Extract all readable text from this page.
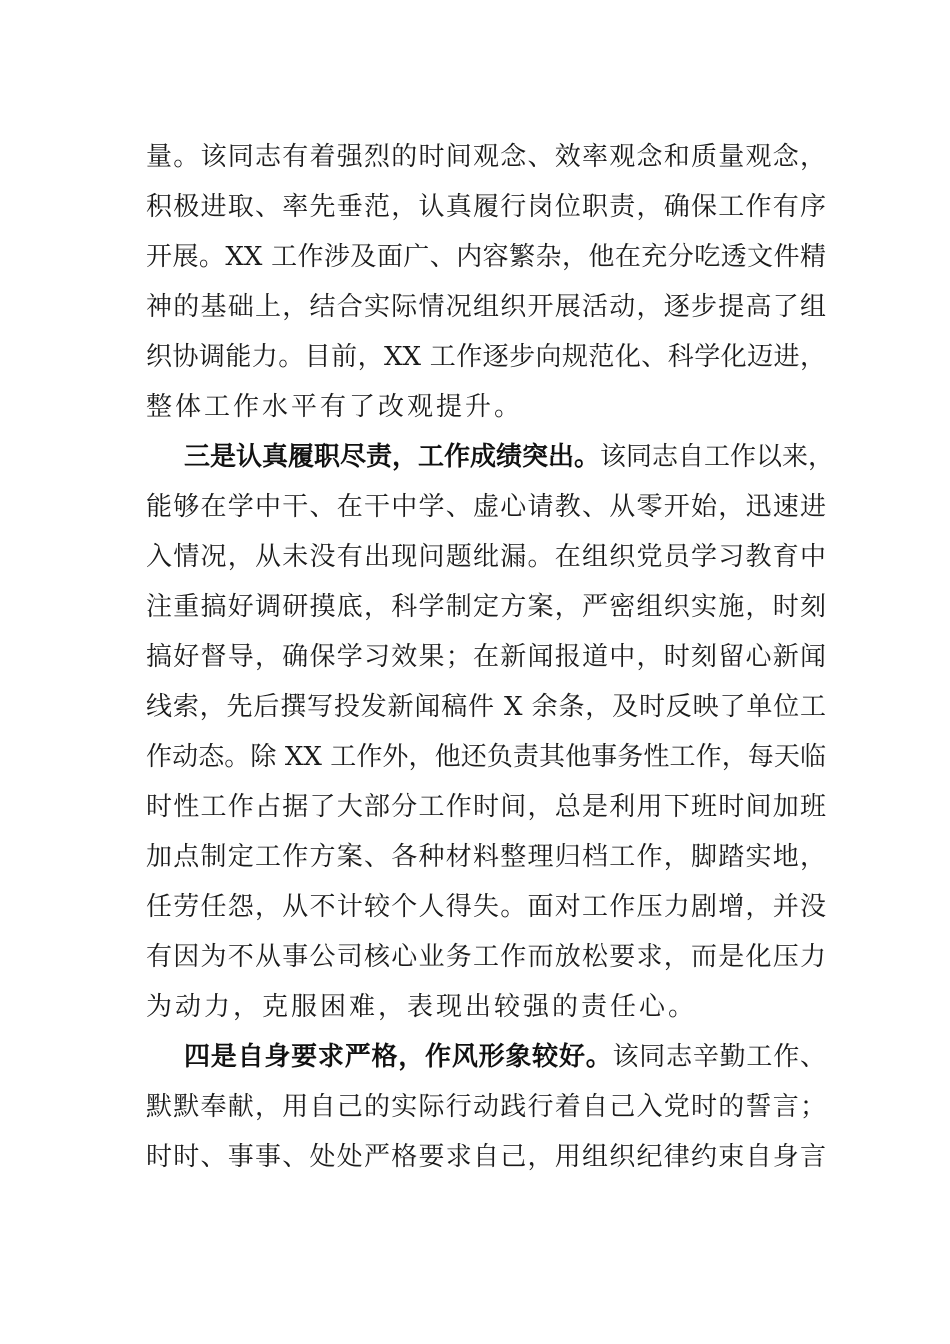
量。该同志有着强烈的时间观念、效率观念和质量观念，
积极进取、率先垂范，认真履行岗位职责，确保工作有序
开展。XX 工作涉及面广、内容繁杂，他在充分吃透文件精
神的基础上，结合实际情况组织开展活动，逐步提高了组
织协调能力。目前，XX 工作逐步向规范化、科学化迈进，
整体工作水平有了改观提升。
三是认真履职尽责，工作成绩突出。该同志自工作以来，
能够在学中干、在干中学、虚心请教、从零开始，迅速进
入情况，从未没有出现问题纰漏。在组织党员学习教育中
注重搞好调研摸底，科学制定方案，严密组织实施，时刻
搞好督导，确保学习效果；在新闻报道中，时刻留心新闻
线索，先后撰写投发新闻稿件 X 余条，及时反映了单位工
作动态。除 XX 工作外，他还负责其他事务性工作，每天临
时性工作占据了大部分工作时间，总是利用下班时间加班
加点制定工作方案、各种材料整理归档工作，脚踏实地，
任劳任怨，从不计较个人得失。面对工作压力剧增，并没
有因为不从事公司核心业务工作而放松要求，而是化压力
为动力，克服困难，表现出较强的责任心。
四是自身要求严格，作风形象较好。该同志辛勤工作、
默默奉献，用自己的实际行动践行着自己入党时的誓言；
时时、事事、处处严格要求自己，用组织纪律约束自身言
